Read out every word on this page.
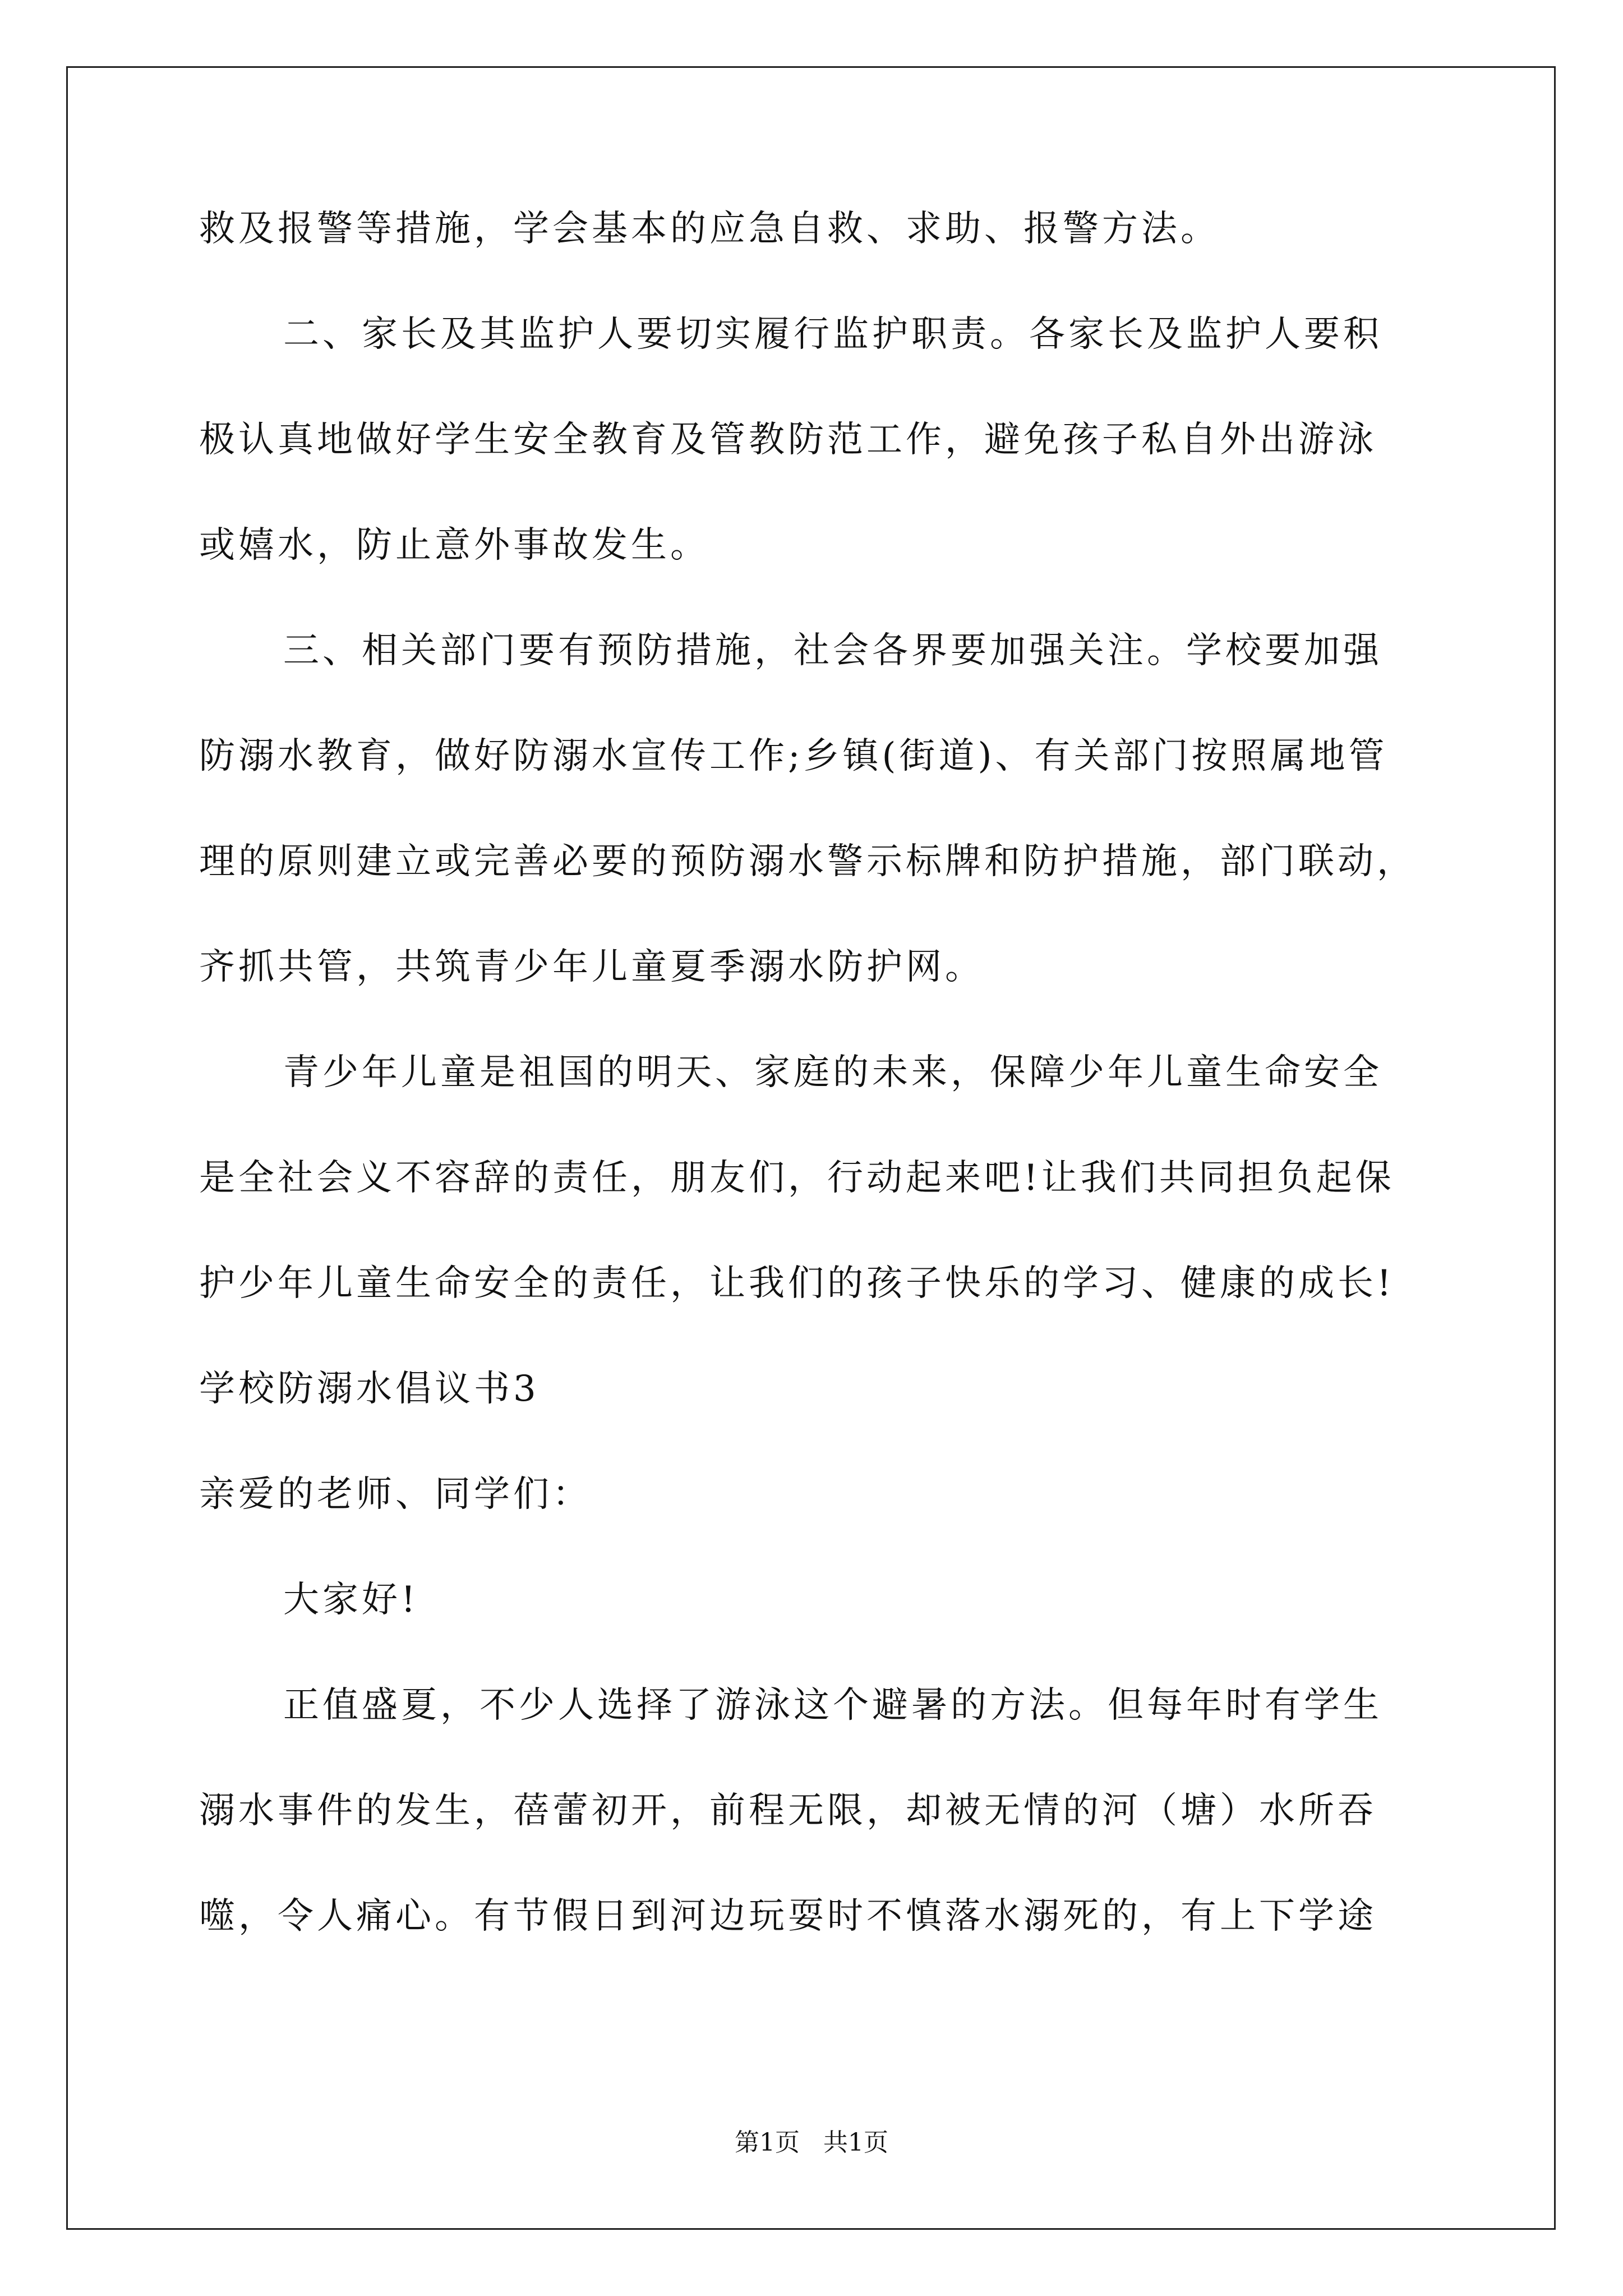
救及报警等措施，学会基本的应急自救、求助、报警方法。
二、家长及其监护人要切实履行监护职责。各家长及监护人要积
极认真地做好学生安全教育及管教防范工作，避免孩子私自外出游泳
或嬉水，防止意外事故发生。
三、相关部门要有预防措施，社会各界要加强关注。学校要加强
防溺水教育，做好防溺水宣传工作;乡镇(街道)、有关部门按照属地管
理的原则建立或完善必要的预防溺水警示标牌和防护措施，部门联动，
齐抓共管，共筑青少年儿童夏季溺水防护网。
青少年儿童是祖国的明天、家庭的未来，保障少年儿童生命安全
是全社会义不容辞的责任，朋友们，行动起来吧!让我们共同担负起保
护少年儿童生命安全的责任，让我们的孩子快乐的学习、健康的成长!
学校防溺水倡议书3
亲爱的老师、同学们：
大家好!
正值盛夏，不少人选择了游泳这个避暑的方法。但每年时有学生
溺水事件的发生，蓓蕾初开，前程无限，却被无情的河（塘）水所吞
噬，令人痛心。有节假日到河边玩耍时不慎落水溺死的，有上下学途
第1页   共1页
